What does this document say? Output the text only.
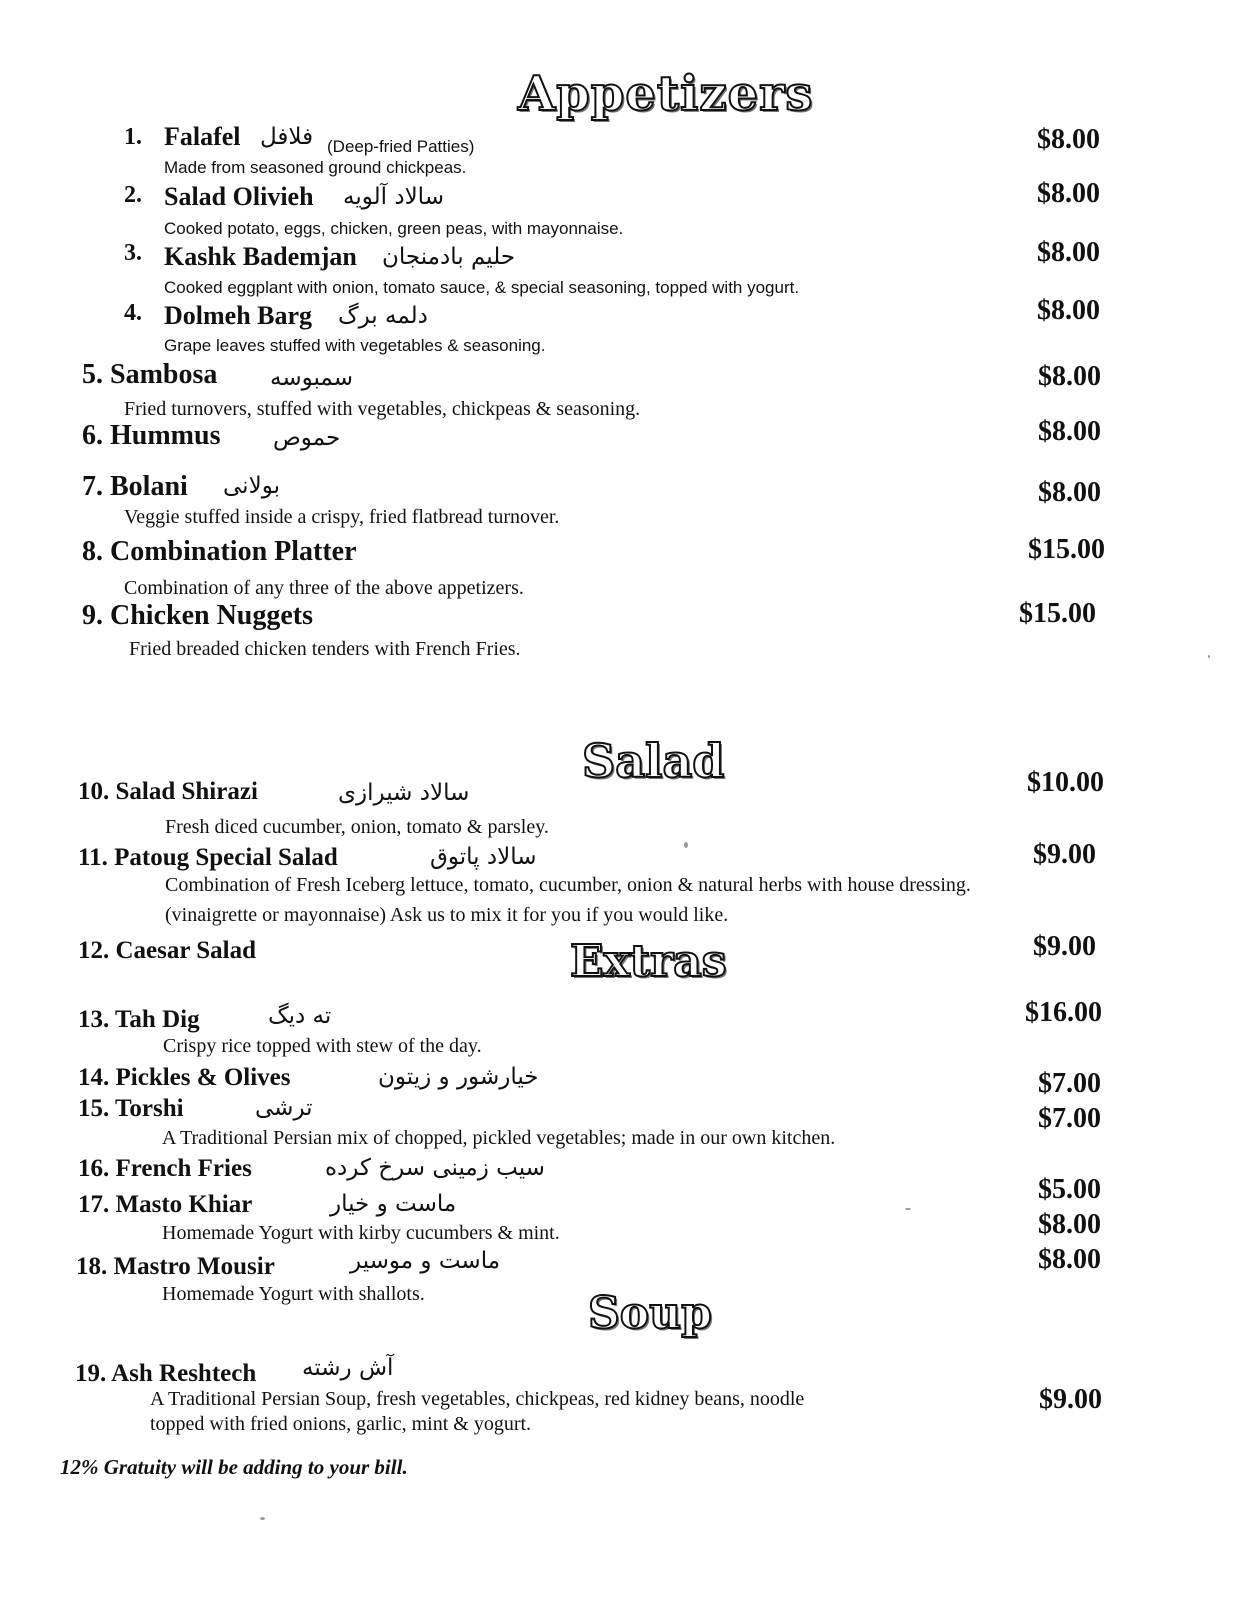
Appetizers
Salad
Extras
Soup
1. Falafel فلافل (Deep-fried Patties)
Made from seasoned ground chickpeas.
$8.00
2. Salad Olivieh سالاد آلویه
Cooked potato, eggs, chicken, green peas, with mayonnaise.
$8.00
3. Kashk Bademjan حلیم بادمنجان
Cooked eggplant with onion, tomato sauce, & special seasoning, topped with yogurt.
$8.00
4. Dolmeh Barg دلمه برگ
Grape leaves stuffed with vegetables & seasoning.
$8.00
5. Sambosa سمبوسه
Fried turnovers, stuffed with vegetables, chickpeas & seasoning.
$8.00
6. Hummus حموص	$8.00
7. Bolani بولانی
Veggie stuffed inside a crispy, fried flatbread turnover.
$8.00
8. Combination Platter
Combination of any three of the above appetizers.
$15.00
9. Chicken Nuggets
Fried breaded chicken tenders with French Fries.
$15.00
10. Salad Shirazi	سالاد شیرازی
Fresh diced cucumber, onion, tomato & parsley.
$10.00
11. Patoug Special Salad	سالاد پاتوق
Combination of Fresh Iceberg lettuce, tomato, cucumber, onion & natural herbs with house dressing.
(vinaigrette or mayonnaise) Ask us to mix it for you if you would like.
$9.00
12. Caesar Salad	$9.00
13. Tah Dig	ته دیگ
Crispy rice topped with stew of the day.
$16.00
14. Pickles & Olives	خیارشور و زیتون	$7.00
15. Torshi	ترشی
A Traditional Persian mix of chopped, pickled vegetables; made in our own kitchen.
$7.00
16. French Fries	سیب زمینی سرخ کرده
$5.00
17. Masto Khiar	ماست و خیار
Homemade Yogurt with kirby cucumbers & mint.	$8.00
18. Mastro Mousir	ماست و موسیر
Homemade Yogurt with shallots.
$8.00
19. Ash Reshtech آش رشته
A Traditional Persian Soup, fresh vegetables, chickpeas, red kidney beans, noodle
topped with fried onions, garlic, mint & yogurt.
$9.00
12% Gratuity will be adding to your bill.
